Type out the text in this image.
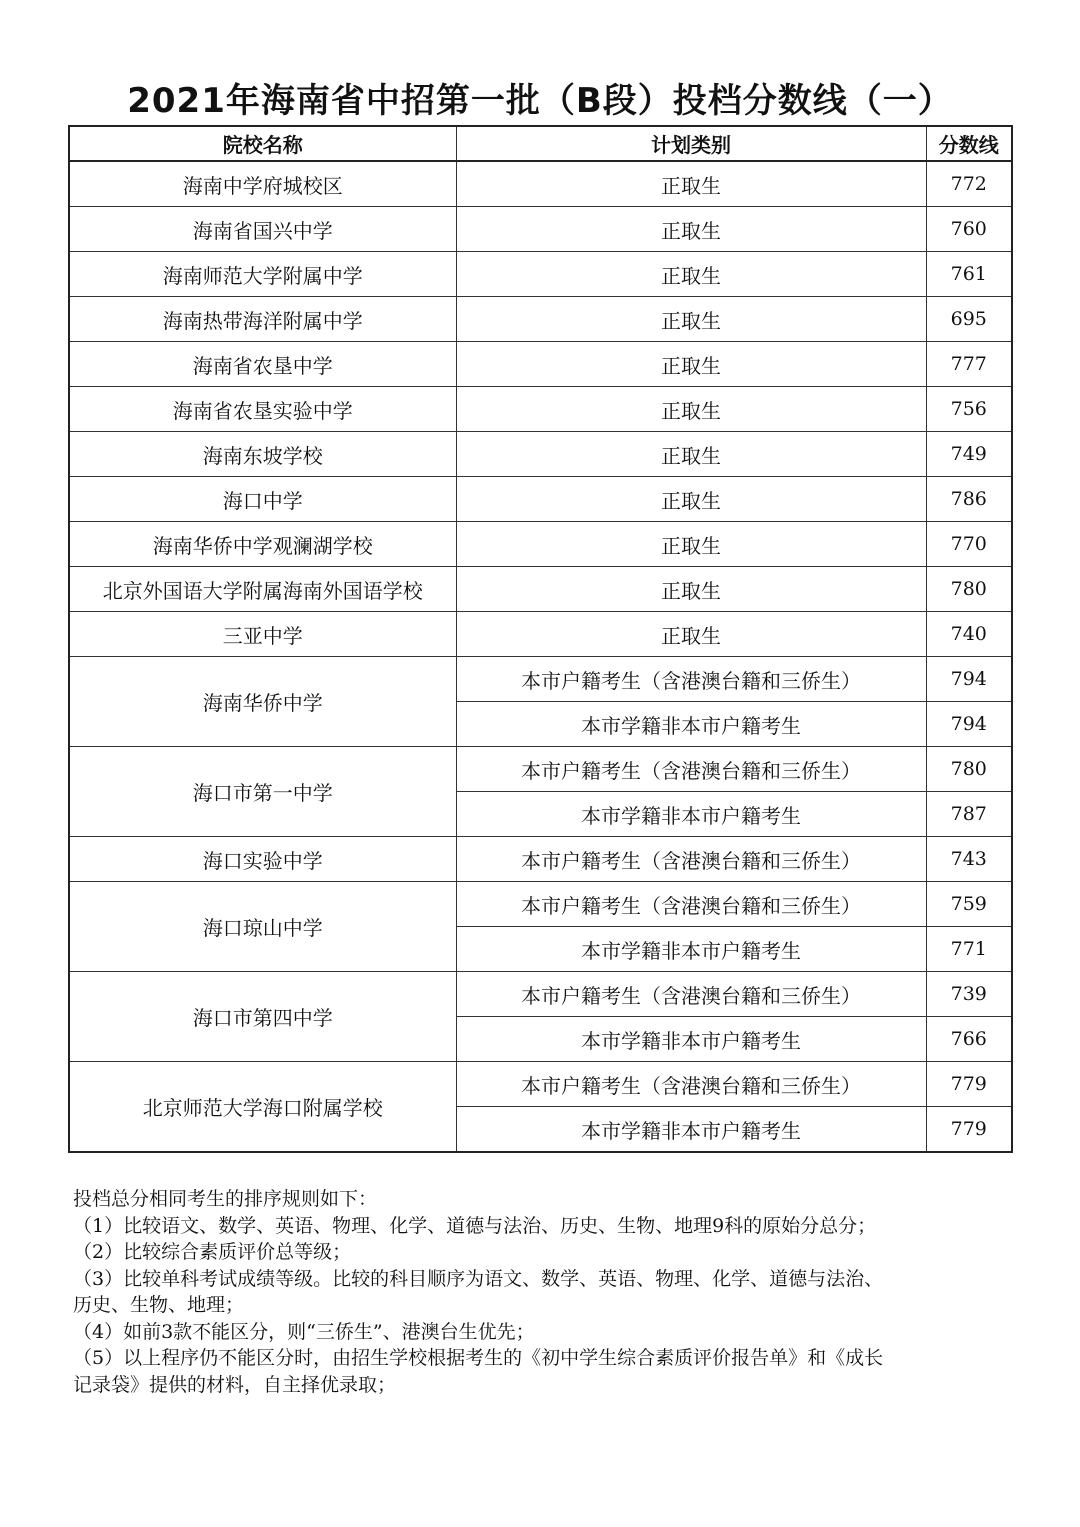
2021年海南省中招第一批（B段）投档分数线（一）
院校名称	计划类别	分数线
海南中学府城校区	正取生	772
海南省国兴中学	正取生	760
海南师范大学附属中学	正取生	761
海南热带海洋附属中学	正取生	695
海南省农垦中学	正取生	777
海南省农垦实验中学	正取生	756
海南东坡学校	正取生	749
海口中学	正取生	786
海南华侨中学观澜湖学校	正取生	770
北京外国语大学附属海南外国语学校	正取生	780
三亚中学	正取生	740
海南华侨中学	本市户籍考生（含港澳台籍和三侨生）	794
	本市学籍非本市户籍考生	794
海口市第一中学	本市户籍考生（含港澳台籍和三侨生）	780
	本市学籍非本市户籍考生	787
海口实验中学	本市户籍考生（含港澳台籍和三侨生）	743
海口琼山中学	本市户籍考生（含港澳台籍和三侨生）	759
	本市学籍非本市户籍考生	771
海口市第四中学	本市户籍考生（含港澳台籍和三侨生）	739
	本市学籍非本市户籍考生	766
北京师范大学海口附属学校	本市户籍考生（含港澳台籍和三侨生）	779
	本市学籍非本市户籍考生	779

投档总分相同考生的排序规则如下：

（1）比较语文、数学、英语、物理、化学、道德与法治、历史、生物、地理9科的原始分总分；

（2）比较综合素质评价总等级；

（3）比较单科考试成绩等级。比较的科目顺序为语文、数学、英语、物理、化学、道德与法治、

历史、生物、地理；

（4）如前3款不能区分，则“三侨生”、港澳台生优先；

（5）以上程序仍不能区分时，由招生学校根据考生的《初中学生综合素质评价报告单》和《成长

记录袋》提供的材料，自主择优录取；
